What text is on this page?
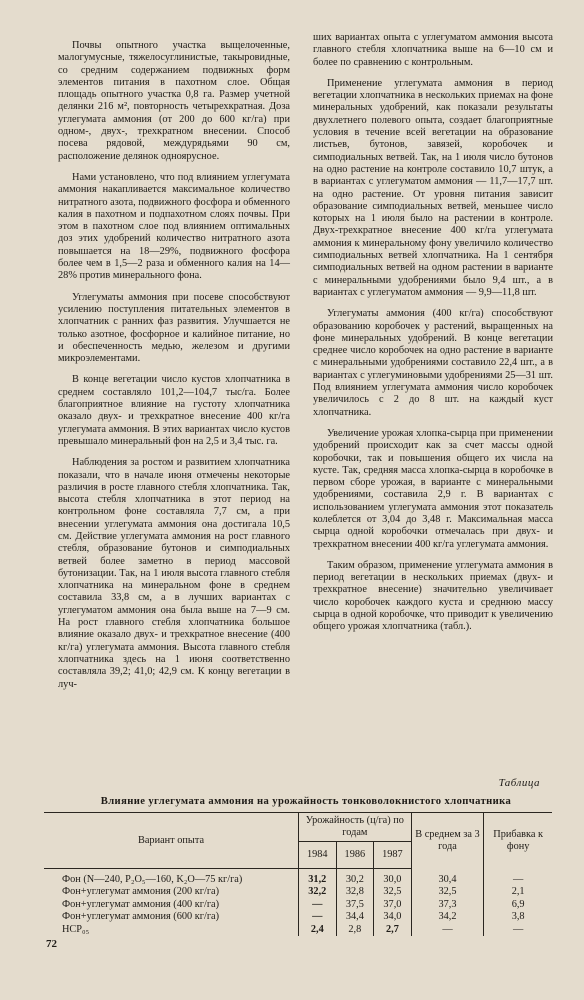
Почвы опытного участка выщелоченные, малогумусные, тяжелосуглинистые, такыровидные, со средним содержанием подвижных форм элементов питания в пахотном слое. Общая площадь опытного участка 0,8 га. Размер учетной делянки 216 м², повторность четырехкратная. Доза углегумата аммония (от 200 до 600 кг/га) при одном-, двух-, трехкратном внесении. Способ посева рядовой, междурядьями 90 см, расположение делянок одноярусное.

Нами установлено, что под влиянием углегумата аммония накапливается максимальное количество нитратного азота, подвижного фосфора и обменного калия в пахотном и подпахотном слоях почвы. При этом в пахотном слое под влиянием оптимальных доз этих удобрений количество нитратного азота повышается на 18—29%, подвижного фосфора более чем в 1,5—2 раза и обменного калия на 14—28% против минерального фона.

Углегуматы аммония при посеве способствуют усилению поступления питательных элементов в хлопчатник с ранних фаз развития. Улучшается не только азотное, фосфорное и калийное питание, но и обеспеченность медью, железом и другими микроэлементами.

В конце вегетации число кустов хлопчатника в среднем составляло 101,2—104,7 тыс/га. Более благоприятное влияние на густоту хлопчатника оказало двух- и трехкратное внесение 400 кг/га углегумата аммония. В этих вариантах число кустов превышало минеральный фон на 2,5 и 3,4 тыс. га.

Наблюдения за ростом и развитием хлопчатника показали, что в начале июня отмечены некоторые различия в росте главного стебля хлопчатника. Так, высота стебля хлопчатника в этот период на контрольном фоне составляла 7,7 см, а при внесении углегумата аммония она достигала 10,5 см. Действие углегумата аммония на рост главного стебля, образование бутонов и симподиальных ветвей более заметно в период массовой бутонизации. Так, на 1 июля высота главного стебля хлопчатника на минеральном фоне в среднем составила 33,8 см, а в лучших вариантах с углегуматом аммония она была выше на 7—9 см. На рост главного стебля хлопчатника большое влияние оказало двух- и трехкратное внесение (400 кг/га) углегумата аммония. Высота главного стебля хлопчатника здесь на 1 июня соответственно составляла 39,2; 41,0; 42,9 см. К концу вегетации в луч-

ших вариантах опыта с углегуматом аммония высота главного стебля хлопчатника выше на 6—10 см и более по сравнению с контрольным.

Применение углегумата аммония в период вегетации хлопчатника в нескольких приемах на фоне минеральных удобрений, как показали результаты двухлетнего полевого опыта, создает благоприятные условия в течение всей вегетации на образование листьев, бутонов, завязей, коробочек и симподиальных ветвей. Так, на 1 июля число бутонов на одно растение на контроле составило 10,7 штук, а в вариантах с углегуматом аммония — 11,7—17,7 шт. на одно растение. От уровня питания зависит образование симподиальных ветвей, меньшее число которых на 1 июля было на растении в контроле. Двух-трехкратное внесение 400 кг/га углегумата аммония к минеральному фону увеличило количество симподиальных ветвей хлопчатника. На 1 сентября симподиальных ветвей на одном растении в варианте с минеральными удобрениями было 9,4 шт., а в вариантах с углегуматом аммония — 9,9—11,8 шт.

Углегуматы аммония (400 кг/га) способствуют образованию коробочек у растений, выращенных на фоне минеральных удобрений. В конце вегетации среднее число коробочек на одно растение в варианте с минеральными удобрениями составило 22,4 шт., а в вариантах с углегуминовыми удобрениями 25—31 шт. Под влиянием углегумата аммония число коробочек увеличилось с 2 до 8 шт. на каждый куст хлопчатника.

Увеличение урожая хлопка-сырца при применении удобрений происходит как за счет массы одной коробочки, так и повышения общего их числа на кусте. Так, средняя масса хлопка-сырца в коробочке в первом сборе урожая, в варианте с минеральными удобрениями, составила 2,9 г. В вариантах с использованием углегумата аммония этот показатель колеблется от 3,04 до 3,48 г. Максимальная масса сырца одной коробочки отмечалась при двух- и трехкратном внесении 400 кг/га углегумата аммония.

Таким образом, применение углегумата аммония в период вегетации в нескольких приемах (двух- и трехкратное внесение) значительно увеличивает число коробочек каждого куста и среднюю массу сырца в одной коробочке, что приводит к увеличению общего урожая хлопчатника (табл.).

Таблица
Влияние углегумата аммония на урожайность тонковолокнистого хлопчатника
Вариант опыта	Урожайность (ц/га) по годам			В среднем за 3 года	Прибавка к фону
	1984	1986	1987		
Фон (N—240, P₂O₅—160, K₂O—75 кг/га)	31,2	30,2	30,0	30,4	—
Фон+углегумат аммония (200 кг/га)	32,2	32,8	32,5	32,5	2,1
Фон+углегумат аммония (400 кг/га)	—	37,5	37,0	37,3	6,9
Фон+углегумат аммония (600 кг/га)	—	34,4	34,0	34,2	3,8
НСР₀₅	2,4	2,8	2,7	—	—
72
